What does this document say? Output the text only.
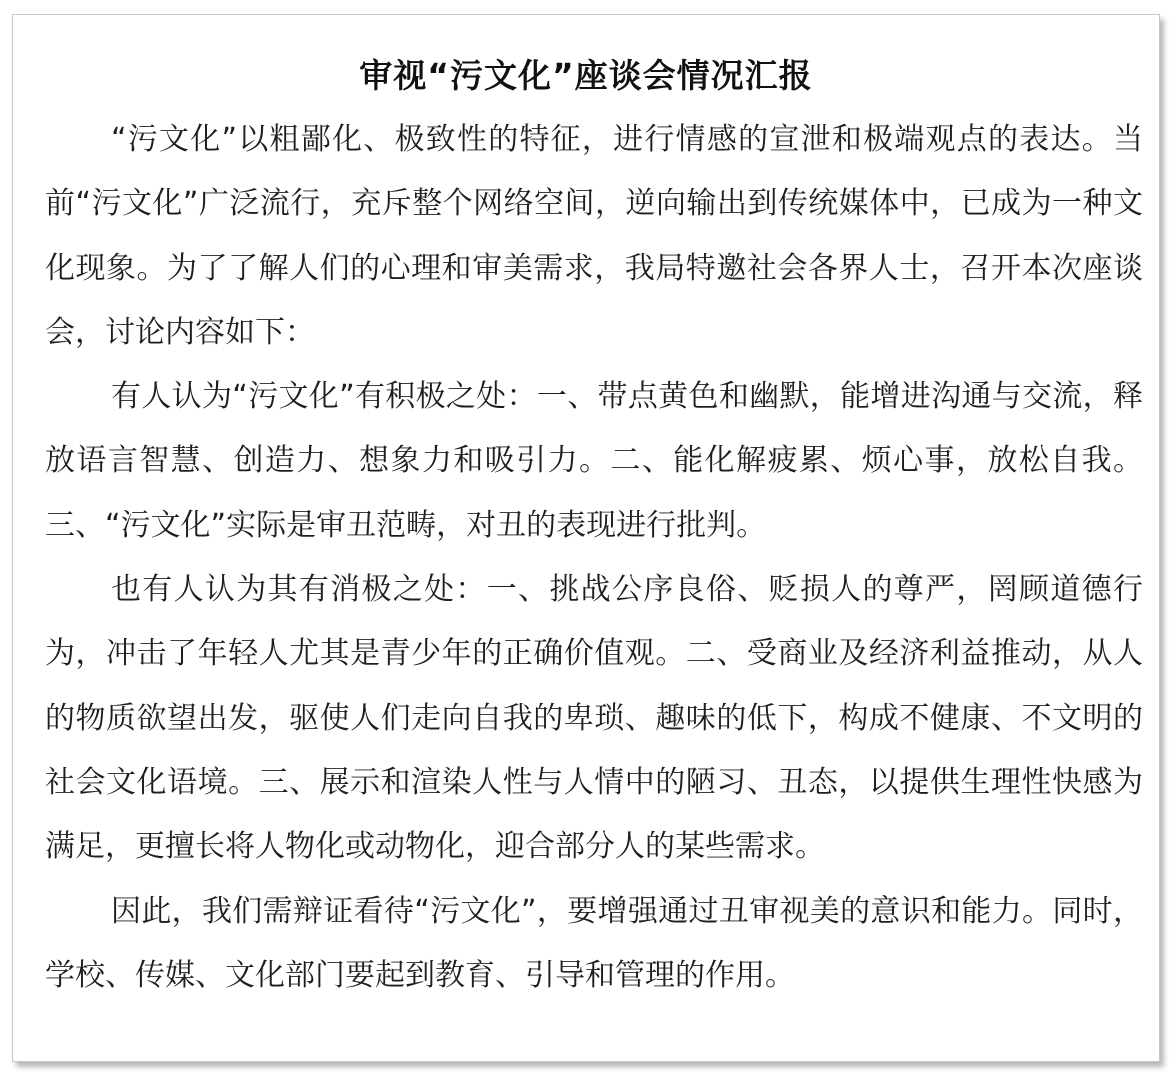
审视“污文化”座谈会情况汇报

“污文化”以粗鄙化、极致性的特征，进行情感的宣泄和极端观点的表达。当前“污文化”广泛流行，充斥整个网络空间，逆向输出到传统媒体中，已成为一种文化现象。为了了解人们的心理和审美需求，我局特邀社会各界人士，召开本次座谈会，讨论内容如下：

有人认为“污文化”有积极之处：一、带点黄色和幽默，能增进沟通与交流，释放语言智慧、创造力、想象力和吸引力。二、能化解疲累、烦心事，放松自我。三、“污文化”实际是审丑范畴，对丑的表现进行批判。

也有人认为其有消极之处：一、挑战公序良俗、贬损人的尊严，罔顾道德行为，冲击了年轻人尤其是青少年的正确价值观。二、受商业及经济利益推动，从人的物质欲望出发，驱使人们走向自我的卑琐、趣味的低下，构成不健康、不文明的社会文化语境。三、展示和渲染人性与人情中的陋习、丑态，以提供生理性快感为满足，更擅长将人物化或动物化，迎合部分人的某些需求。

因此，我们需辩证看待“污文化”，要增强通过丑审视美的意识和能力。同时，学校、传媒、文化部门要起到教育、引导和管理的作用。
